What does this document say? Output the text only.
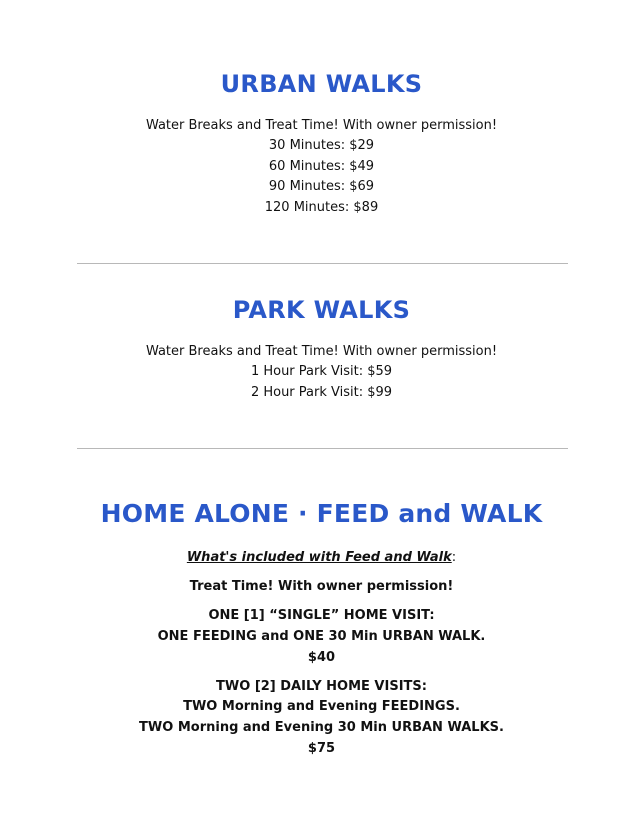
URBAN WALKS
Water Breaks and Treat Time! With owner permission!
30 Minutes: $29
60 Minutes: $49
90 Minutes: $69
120 Minutes: $89
PARK WALKS
Water Breaks and Treat Time! With owner permission!
1 Hour Park Visit: $59
2 Hour Park Visit: $99
HOME ALONE · FEED and WALK
What's included with Feed and Walk:
Treat Time! With owner permission!
ONE [1] “SINGLE” HOME VISIT:
ONE FEEDING and ONE 30 Min URBAN WALK.
$40
TWO [2] DAILY HOME VISITS:
TWO Morning and Evening FEEDINGS.
TWO Morning and Evening 30 Min URBAN WALKS.
$75
